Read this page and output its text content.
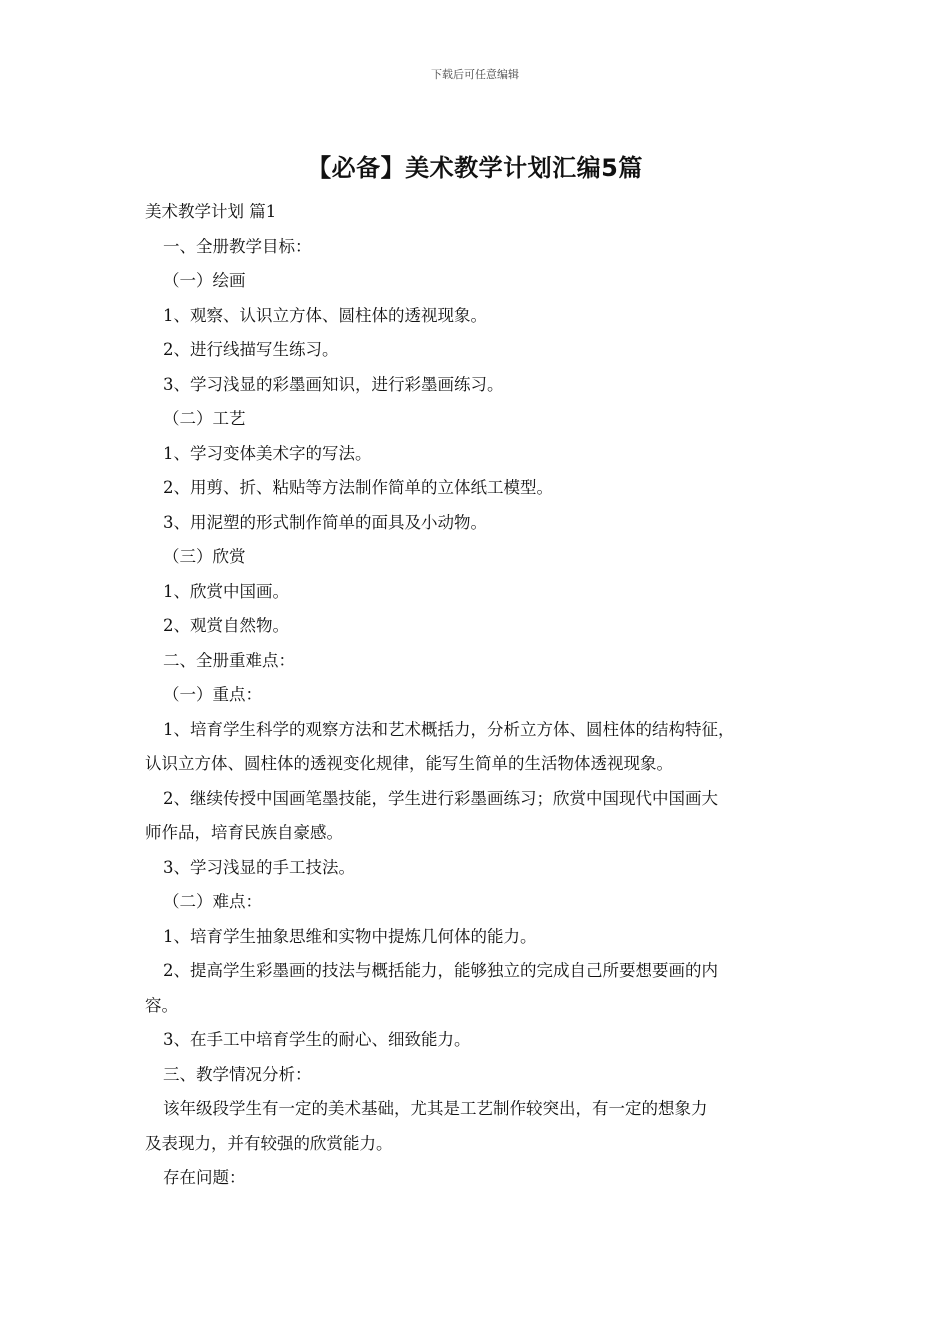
下载后可任意编辑
【必备】美术教学计划汇编5篇
美术教学计划 篇1
一、全册教学目标：
（一）绘画
1、观察、认识立方体、圆柱体的透视现象。
2、进行线描写生练习。
3、学习浅显的彩墨画知识，进行彩墨画练习。
（二）工艺
1、学习变体美术字的写法。
2、用剪、折、粘贴等方法制作简单的立体纸工模型。
3、用泥塑的形式制作简单的面具及小动物。
（三）欣赏
1、欣赏中国画。
2、观赏自然物。
二、全册重难点：
（一）重点：
1、培育学生科学的观察方法和艺术概括力，分析立方体、圆柱体的结构特征，
认识立方体、圆柱体的透视变化规律，能写生简单的生活物体透视现象。
2、继续传授中国画笔墨技能，学生进行彩墨画练习；欣赏中国现代中国画大
师作品，培育民族自豪感。
3、学习浅显的手工技法。
（二）难点：
1、培育学生抽象思维和实物中提炼几何体的能力。
2、提高学生彩墨画的技法与概括能力，能够独立的完成自己所要想要画的内
容。
3、在手工中培育学生的耐心、细致能力。
三、教学情况分析：
该年级段学生有一定的美术基础，尤其是工艺制作较突出，有一定的想象力
及表现力，并有较强的欣赏能力。
存在问题：
